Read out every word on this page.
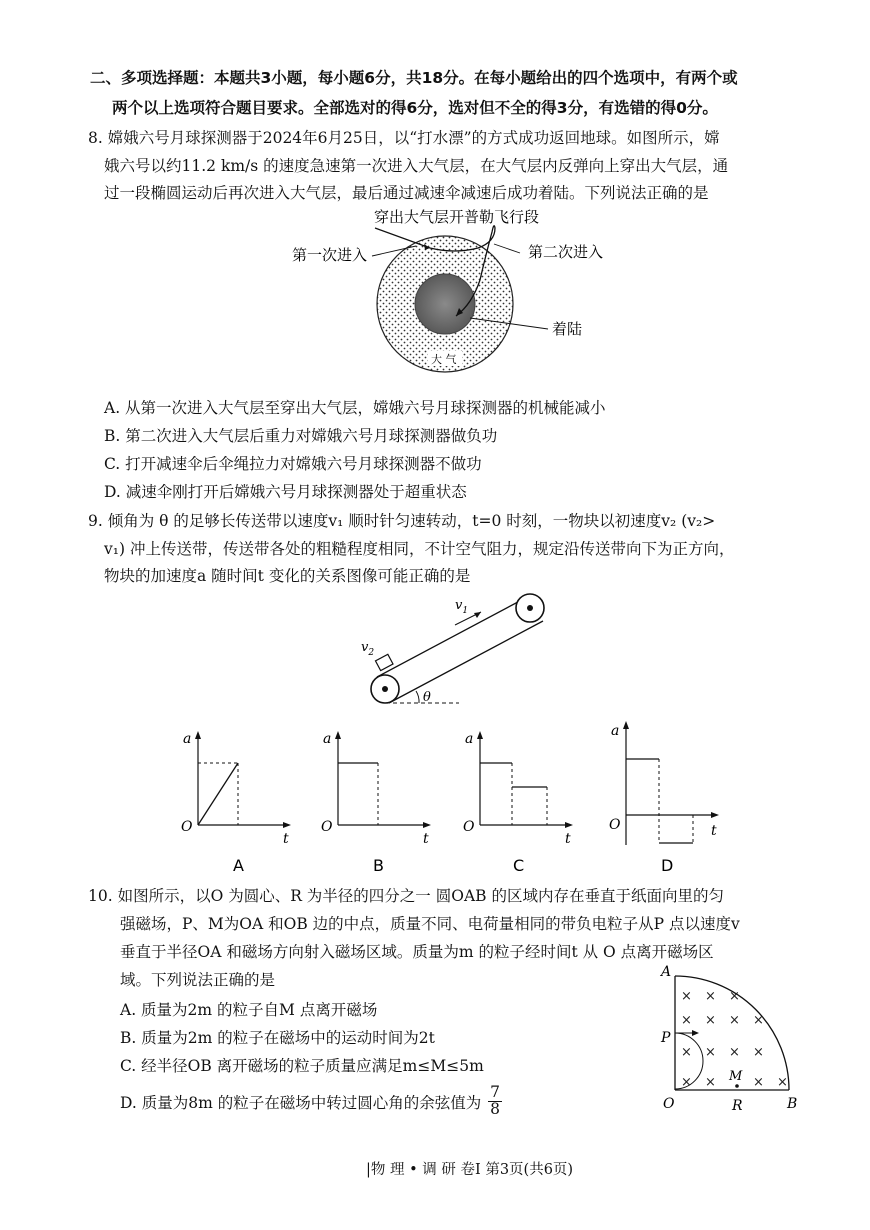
二、多项选择题：本题共3小题，每小题6分，共18分。在每小题给出的四个选项中，有两个或
两个以上选项符合题目要求。全部选对的得6分，选对但不全的得3分，有选错的得0分。
8. 嫦娥六号月球探测器于2024年6月25日，以“打水漂”的方式成功返回地球。如图所示，嫦
娥六号以约11.2 km/s 的速度急速第一次进入大气层，在大气层内反弹向上穿出大气层，通
过一段椭圆运动后再次进入大气层，最后通过减速伞减速后成功着陆。下列说法正确的是
穿出大气层开普勒飞行段
第一次进入	第二次进入
着陆
大 气
A. 从第一次进入大气层至穿出大气层，嫦娥六号月球探测器的机械能减小
B. 第二次进入大气层后重力对嫦娥六号月球探测器做负功
C. 打开减速伞后伞绳拉力对嫦娥六号月球探测器不做功
D. 减速伞刚打开后嫦娥六号月球探测器处于超重状态
9. 倾角为 θ 的足够长传送带以速度v₁ 顺时针匀速转动，t=0 时刻，一物块以初速度v₂ (v₂>
v₁) 冲上传送带，传送带各处的粗糙程度相同，不计空气阻力，规定沿传送带向下为正方向，
物块的加速度a 随时间t 变化的关系图像可能正确的是
$v_1$
$v_2$
θ
a
O
t
A
a
O
t
B
a
O
t
C
a
O	t
D
10. 如图所示，以O 为圆心、R 为半径的四分之一 圆OAB 的区域内存在垂直于纸面向里的匀
强磁场，P、M为OA 和OB 边的中点，质量不同、电荷量相同的带负电粒子从P 点以速度v
垂直于半径OA 和磁场方向射入磁场区域。质量为m 的粒子经时间t 从 O 点离开磁场区
域。下列说法正确的是
A. 质量为2m 的粒子自M 点离开磁场
B. 质量为2m 的粒子在磁场中的运动时间为2t
C. 经半径OB 离开磁场的粒子质量应满足m≤M≤5m
D. 质量为8m 的粒子在磁场中转过圆心角的余弦值为 $\frac{7}{8}$
× × ×
× × × ×
× × × ×
× ×	× ×
A
P
M
O	R	B
|物 理 • 调 研 卷I 第3页(共6页)
